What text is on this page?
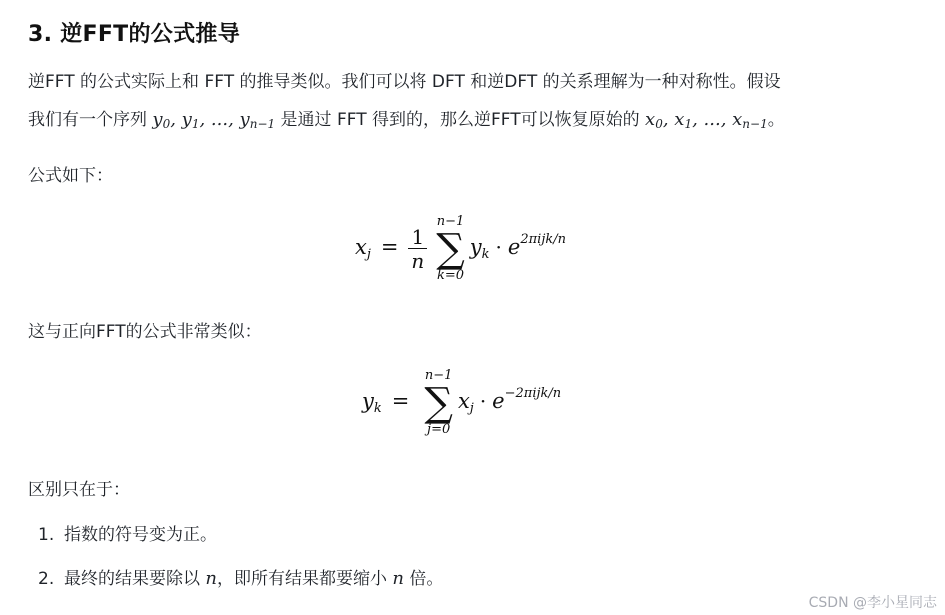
3. 逆FFT的公式推导
逆FFT 的公式实际上和 FFT 的推导类似。我们可以将 DFT 和逆DFT 的关系理解为一种对称性。假设
我们有一个序列 $y_0$, $y_1$, ..., $y_{n-1}$ 是通过 FFT 得到的，那么逆FFT可以恢复原始的 $x_0$, $x_1$, ..., $x_{n-1}$。
公式如下：
$x_j = \frac{1}{n}$
n−1
∑
k=0
$y_k \cdot e^{2\pi ijk/n}$
这与正向FFT的公式非常类似：
$y_k$ =
n−1
∑
j=0
$x_j \cdot e^{-2\pi ijk/n}$
区别只在于：
1. 指数的符号变为正。
2. 最终的结果要除以 n，即所有结果都要缩小 n 倍。
CSDN @李小星同志
